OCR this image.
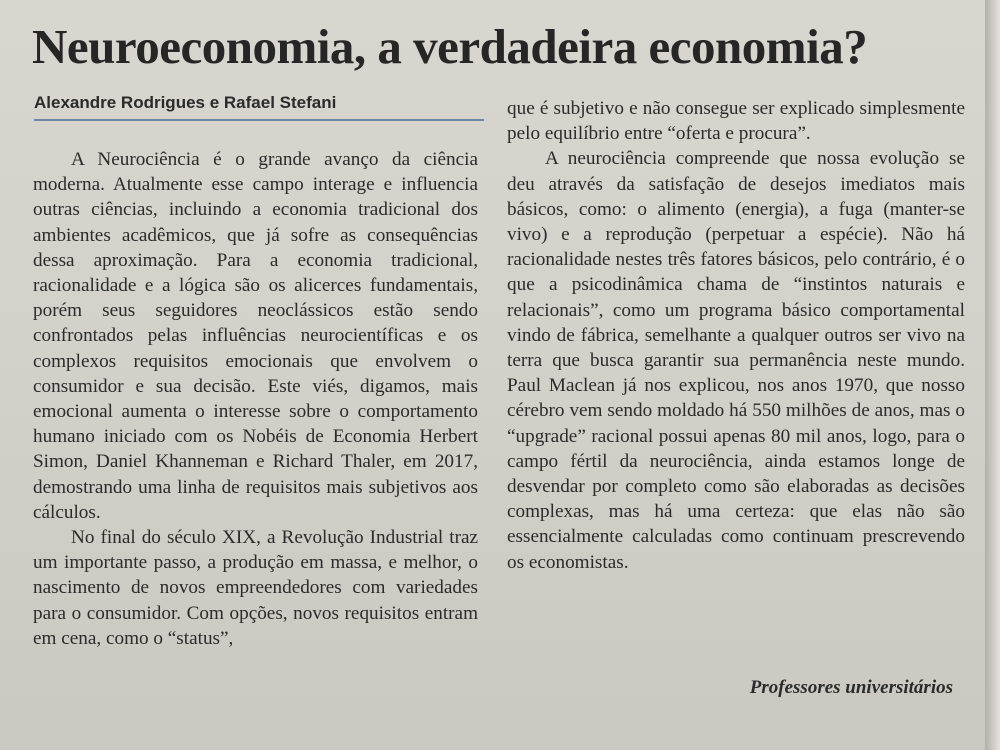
Neuroeconomia, a verdadeira economia?
Alexandre Rodrigues e Rafael Stefani

A Neurociência é o grande avanço da ciência moderna. Atualmente esse campo interage e influencia outras ciências, incluindo a economia tradicional dos ambientes acadêmicos, que já sofre as consequências dessa aproximação. Para a economia tradicional, racionalidade e a lógica são os alicerces fundamentais, porém seus seguidores neoclássicos estão sendo confrontados pelas influências neurocientíficas e os complexos requisitos emocionais que envolvem o consumidor e sua decisão. Este viés, digamos, mais emocional aumenta o interesse sobre o comportamento humano iniciado com os Nobéis de Economia Herbert Simon, Daniel Khanneman e Richard Thaler, em 2017, demostrando uma linha de requisitos mais subjetivos aos cálculos.

No final do século XIX, a Revolução Industrial traz um importante passo, a produção em massa, e melhor, o nascimento de novos empreendedores com variedades para o consumidor. Com opções, novos requisitos entram em cena, como o “status”,

que é subjetivo e não consegue ser explicado simplesmente pelo equilíbrio entre “oferta e procura”.

A neurociência compreende que nossa evolução se deu através da satisfação de desejos imediatos mais básicos, como: o alimento (energia), a fuga (manter-se vivo) e a reprodução (perpetuar a espécie). Não há racionalidade nestes três fatores básicos, pelo contrário, é o que a psicodinâmica chama de “instintos naturais e relacionais”, como um programa básico comportamental vindo de fábrica, semelhante a qualquer outros ser vivo na terra que busca garantir sua permanência neste mundo. Paul Maclean já nos explicou, nos anos 1970, que nosso cérebro vem sendo moldado há 550 milhões de anos, mas o “upgrade” racional possui apenas 80 mil anos, logo, para o campo fértil da neurociência, ainda estamos longe de desvendar por completo como são elaboradas as decisões complexas, mas há uma certeza: que elas não são essencialmente calculadas como continuam prescrevendo os economistas.

Professores universitários
